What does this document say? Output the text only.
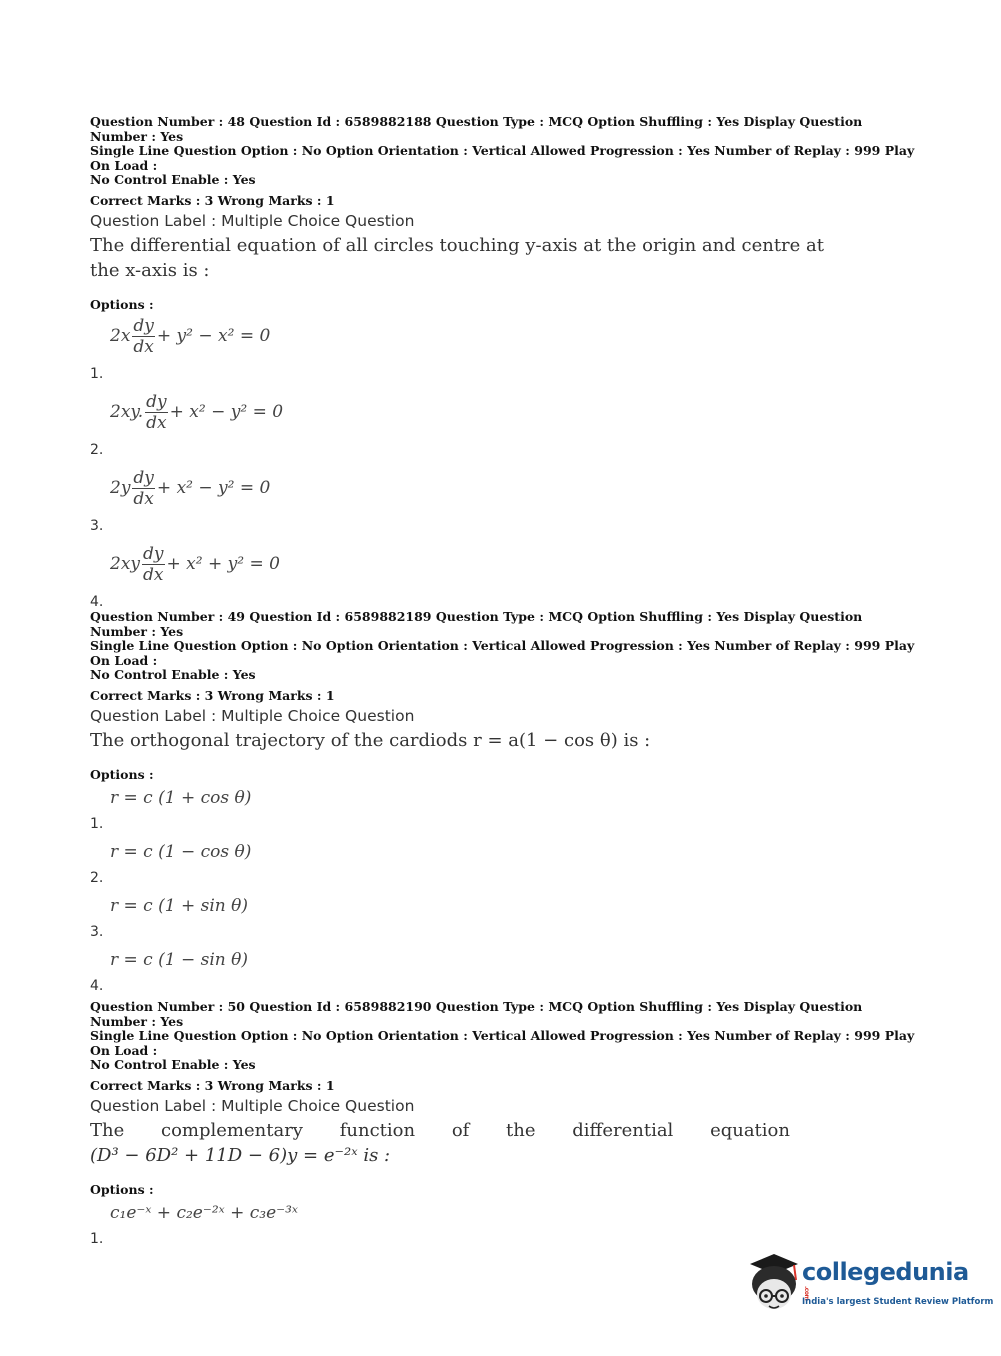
Question Number : 48 Question Id : 6589882188 Question Type : MCQ Option Shuffling : Yes Display Question Number : Yes
Single Line Question Option : No Option Orientation : Vertical Allowed Progression : Yes Number of Replay : 999 Play On Load :
No Control Enable : Yes
Correct Marks : 3 Wrong Marks : 1
Question Label : Multiple Choice Question
The differential equation of all circles touching y-axis at the origin and centre at
the x-axis is :
Options :
1.
$2x \frac{dy}{dx} + y^2 - x^2 = 0$
2.
2xy. $\frac{dy}{dx} + x^2 - y^2 = 0$
3.
$2y \frac{dy}{dx} + x^2 - y^2 = 0$
4.
$2xy \frac{dy}{dx} + x^2 + y^2 = 0$
Question Number : 49 Question Id : 6589882189 Question Type : MCQ Option Shuffling : Yes Display Question Number : Yes
Single Line Question Option : No Option Orientation : Vertical Allowed Progression : Yes Number of Replay : 999 Play On Load :
No Control Enable : Yes
Correct Marks : 3 Wrong Marks : 1
Question Label : Multiple Choice Question
The orthogonal trajectory of the cardiods r = a(1 − cos θ) is :
Options :
1.
r = c (1 + cos θ)
2.
r = c (1 − cos θ)
3.
r = c (1 + sin θ)
4.
r = c (1 − sin θ)
Question Number : 50 Question Id : 6589882190 Question Type : MCQ Option Shuffling : Yes Display Question Number : Yes
Single Line Question Option : No Option Orientation : Vertical Allowed Progression : Yes Number of Replay : 999 Play On Load :
No Control Enable : Yes
Correct Marks : 3 Wrong Marks : 1
Question Label : Multiple Choice Question
The complementary function of the differential equation
(D³ − 6D² + 11D − 6)y = e⁻²ˣ is :
Options :
1.
c₁e⁻ˣ + c₂e⁻²ˣ + c₃e⁻³ˣ
collegedunia.com
India's largest Student Review Platform
